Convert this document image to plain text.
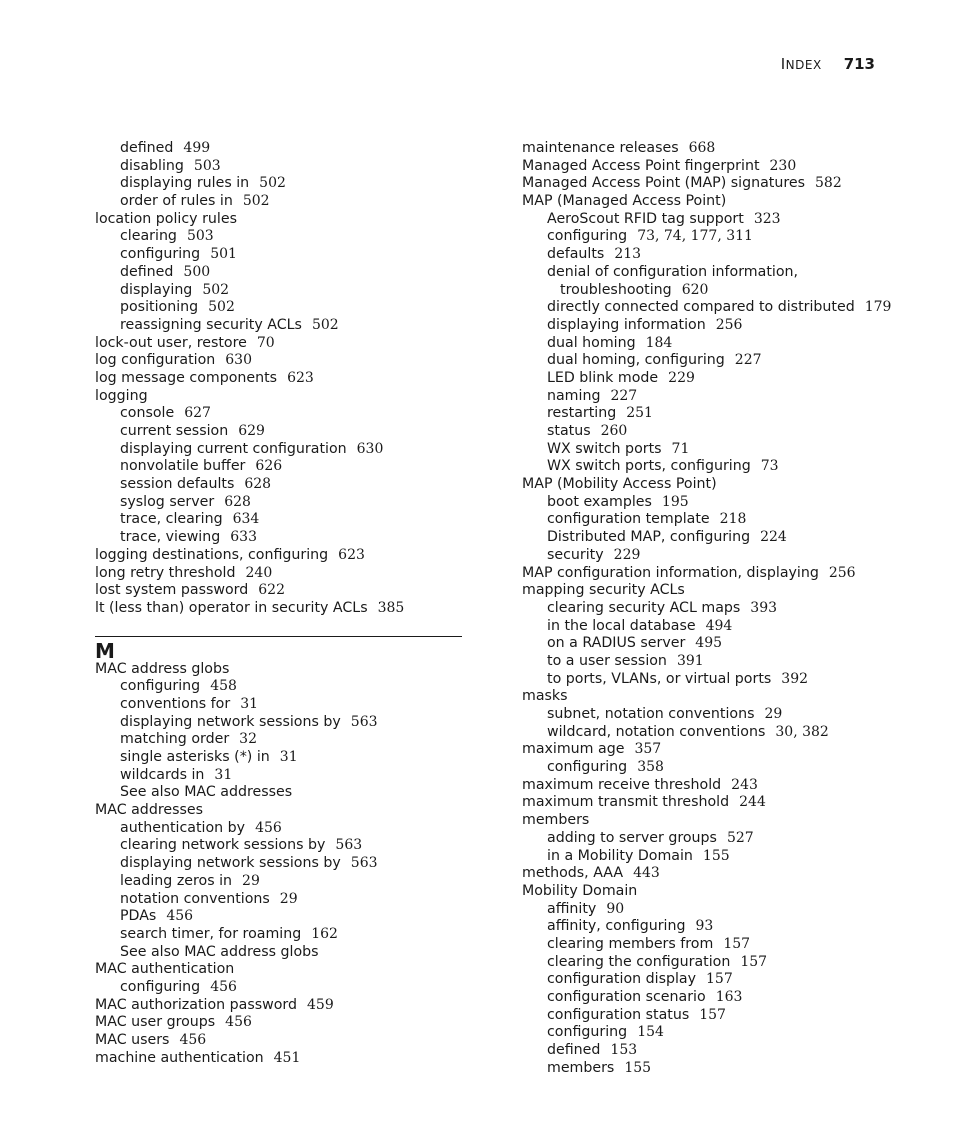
INDEX 713
defined 499
disabling 503
displaying rules in 502
order of rules in 502
location policy rules
clearing 503
configuring 501
defined 500
displaying 502
positioning 502
reassigning security ACLs 502
lock-out user, restore 70
log configuration 630
log message components 623
logging
console 627
current session 629
displaying current configuration 630
nonvolatile buffer 626
session defaults 628
syslog server 628
trace, clearing 634
trace, viewing 633
logging destinations, configuring 623
long retry threshold 240
lost system password 622
lt (less than) operator in security ACLs 385
M
MAC address globs
configuring 458
conventions for 31
displaying network sessions by 563
matching order 32
single asterisks (*) in 31
wildcards in 31
See also MAC addresses
MAC addresses
authentication by 456
clearing network sessions by 563
displaying network sessions by 563
leading zeros in 29
notation conventions 29
PDAs 456
search timer, for roaming 162
See also MAC address globs
MAC authentication
configuring 456
MAC authorization password 459
MAC user groups 456
MAC users 456
machine authentication 451
maintenance releases 668
Managed Access Point fingerprint 230
Managed Access Point (MAP) signatures 582
MAP (Managed Access Point)
AeroScout RFID tag support 323
configuring 73, 74, 177, 311
defaults 213
denial of configuration information,
troubleshooting 620
directly connected compared to distributed 179
displaying information 256
dual homing 184
dual homing, configuring 227
LED blink mode 229
naming 227
restarting 251
status 260
WX switch ports 71
WX switch ports, configuring 73
MAP (Mobility Access Point)
boot examples 195
configuration template 218
Distributed MAP, configuring 224
security 229
MAP configuration information, displaying 256
mapping security ACLs
clearing security ACL maps 393
in the local database 494
on a RADIUS server 495
to a user session 391
to ports, VLANs, or virtual ports 392
masks
subnet, notation conventions 29
wildcard, notation conventions 30, 382
maximum age 357
configuring 358
maximum receive threshold 243
maximum transmit threshold 244
members
adding to server groups 527
in a Mobility Domain 155
methods, AAA 443
Mobility Domain
affinity 90
affinity, configuring 93
clearing members from 157
clearing the configuration 157
configuration display 157
configuration scenario 163
configuration status 157
configuring 154
defined 153
members 155
